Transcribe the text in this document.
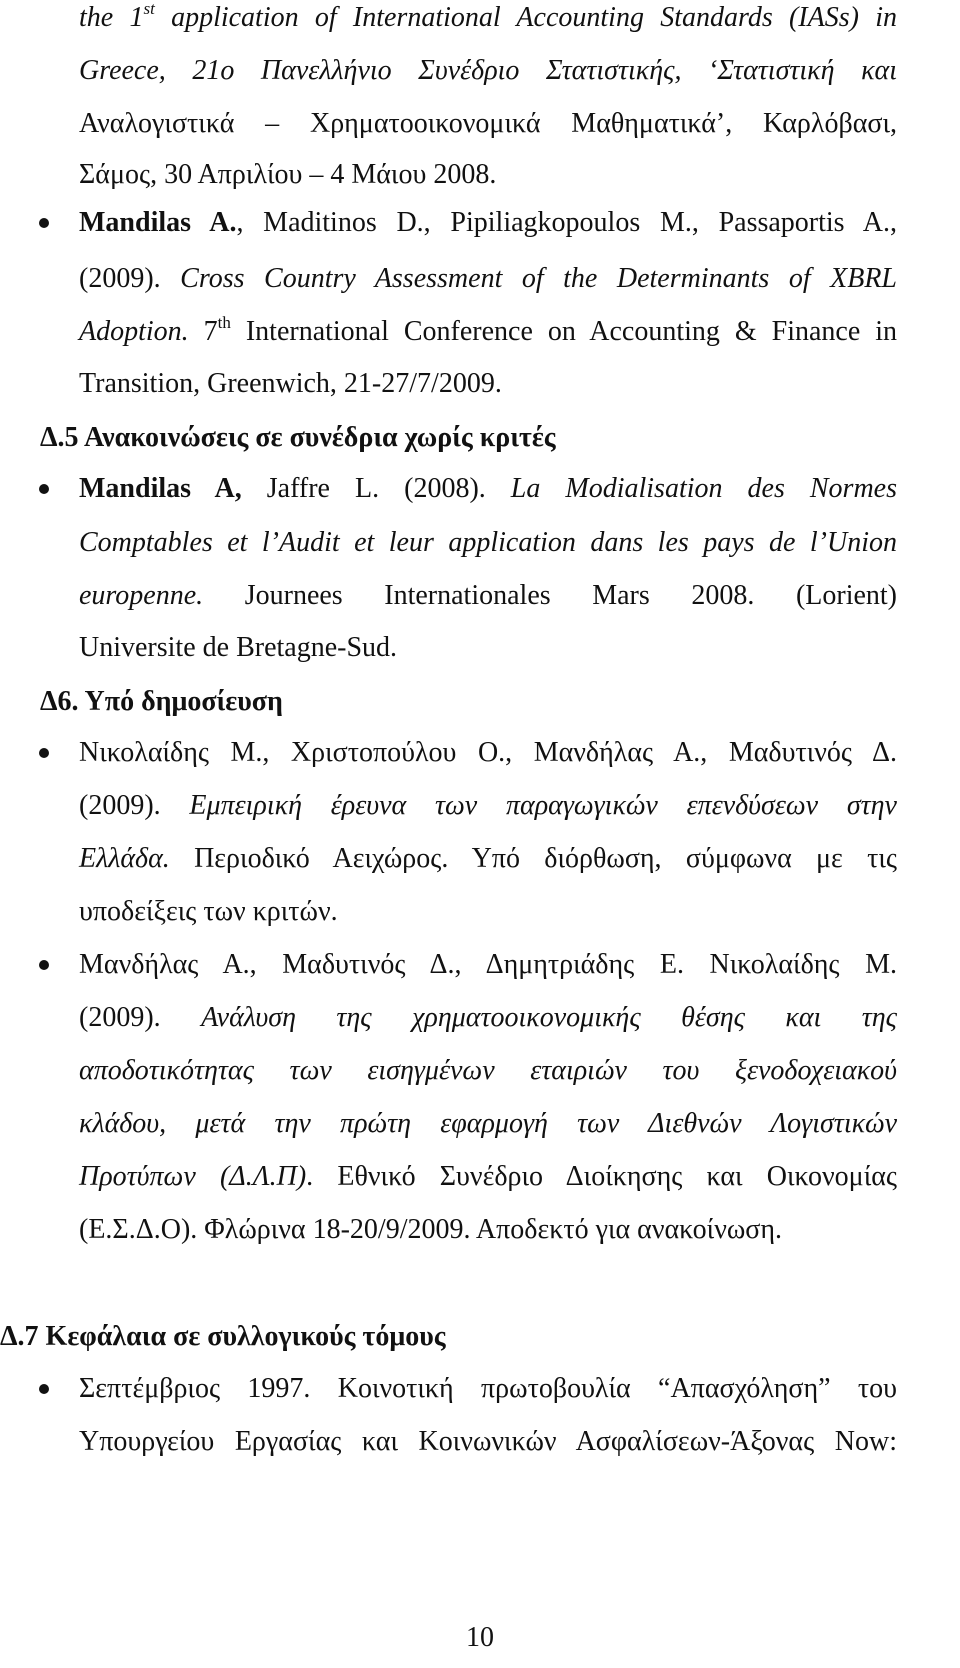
the 1st application of International Accounting Standards (IASs) in
Greece, 21ο Πανελλήνιο Συνέδριο Στατιστικής, ‘Στατιστική και
Αναλογιστικά – Χρηματοοικονομικά Μαθηματικά’, Καρλόβασι,
Σάμος, 30 Απριλίου – 4 Μάιου 2008.
Mandilas A., Maditinos D., Pipiliagkopoulos M., Passaportis A.,
(2009). Cross Country Assessment of the Determinants of XBRL
Adoption. 7th International Conference on Accounting & Finance in
Transition, Greenwich, 21-27/7/2009.
Δ.5 Ανακοινώσεις σε συνέδρια χωρίς κριτές
Mandilas A, Jaffre L. (2008). La Modialisation des Normes
Comptables et l’Audit et leur application dans les pays de l’Union
europenne. Journees Internationales Mars 2008. (Lorient)
Universite de Bretagne-Sud.
Δ6. Υπό δημοσίευση
Νικολαίδης Μ., Χριστοπούλου Ο., Μανδήλας Α., Μαδυτινός Δ.
(2009). Εμπειρική έρευνα των παραγωγικών επενδύσεων στην
Ελλάδα. Περιοδικό Αειχώρος. Υπό διόρθωση, σύμφωνα με τις
υποδείξεις των κριτών.
Μανδήλας Α., Μαδυτινός Δ., Δημητριάδης Ε. Νικολαίδης Μ.
(2009). Ανάλυση της χρηματοοικονομικής θέσης και της
αποδοτικότητας των εισηγμένων εταιριών του ξενοδοχειακού
κλάδου, μετά την πρώτη εφαρμογή των Διεθνών Λογιστικών
Προτύπων (Δ.Λ.Π). Εθνικό Συνέδριο Διοίκησης και Οικονομίας
(Ε.Σ.Δ.Ο). Φλώρινα 18-20/9/2009. Αποδεκτό για ανακοίνωση.
Δ.7 Κεφάλαια σε συλλογικούς τόμους
Σεπτέμβριος 1997. Κοινοτική πρωτοβουλία “Απασχόληση” του
Υπουργείου Εργασίας και Κοινωνικών Ασφαλίσεων-Άξονας Now:
10
